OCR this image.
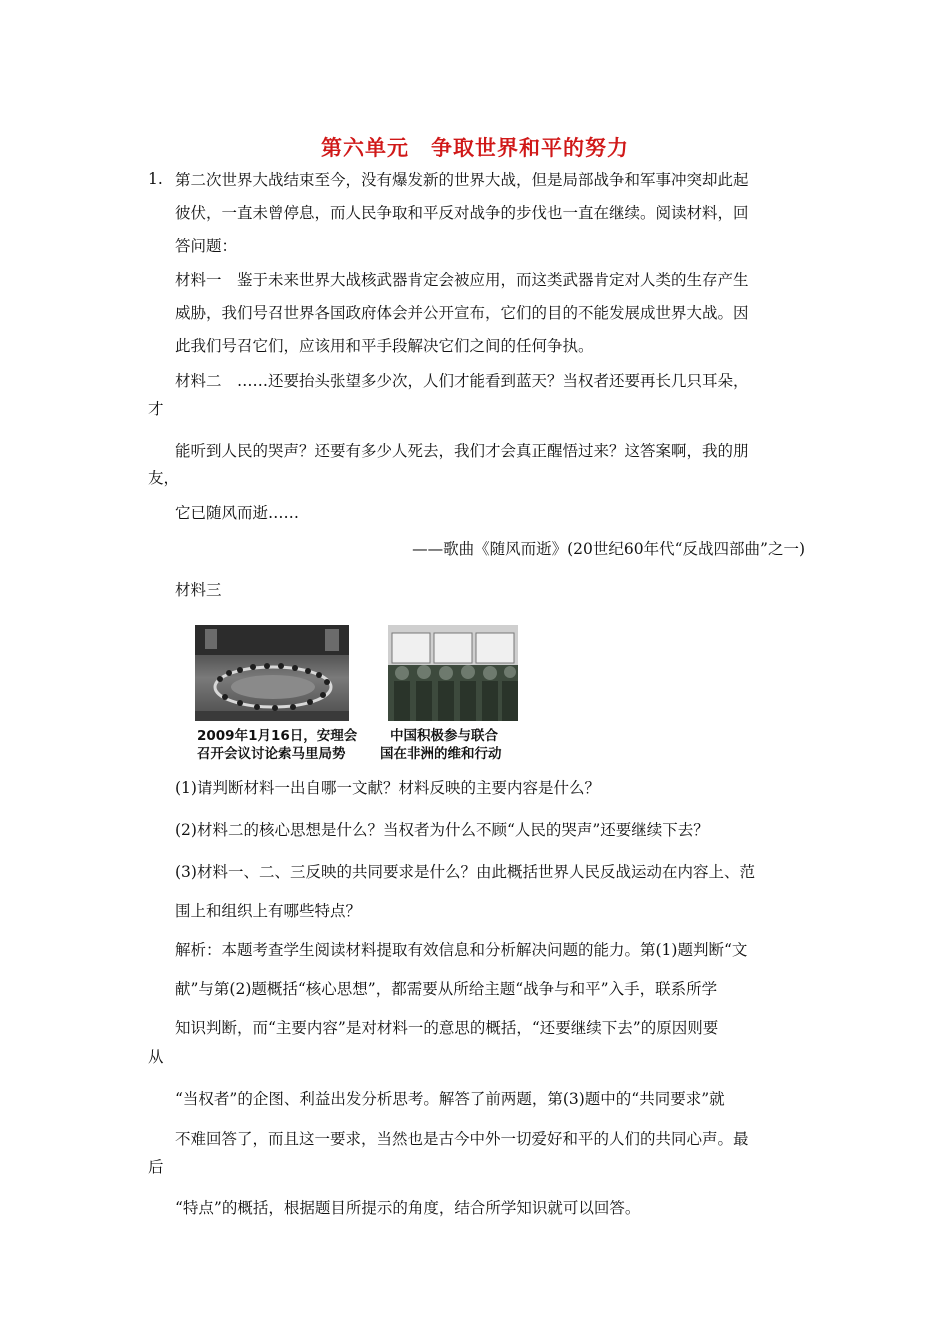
第六单元　争取世界和平的努力
1. 第二次世界大战结束至今，没有爆发新的世界大战，但是局部战争和军事冲突却此起
彼伏，一直未曾停息，而人民争取和平反对战争的步伐也一直在继续。阅读材料，回
答问题：
材料一　鉴于未来世界大战核武器肯定会被应用，而这类武器肯定对人类的生存产生
威胁，我们号召世界各国政府体会并公开宣布，它们的目的不能发展成世界大战。因
此我们号召它们，应该用和平手段解决它们之间的任何争执。
材料二　……还要抬头张望多少次，人们才能看到蓝天？当权者还要再长几只耳朵，
才
能听到人民的哭声？还要有多少人死去，我们才会真正醒悟过来？这答案啊，我的朋
友，
它已随风而逝……
——歌曲《随风而逝》(20世纪60年代“反战四部曲”之一)
材料三
2009年1月16日，安理会
召开会议讨论索马里局势
中国积极参与联合
国在非洲的维和行动
(1)请判断材料一出自哪一文献？材料反映的主要内容是什么？
(2)材料二的核心思想是什么？当权者为什么不顾“人民的哭声”还要继续下去？
(3)材料一、二、三反映的共同要求是什么？由此概括世界人民反战运动在内容上、范
围上和组织上有哪些特点？
解析：本题考查学生阅读材料提取有效信息和分析解决问题的能力。第(1)题判断“文
献”与第(2)题概括“核心思想”，都需要从所给主题“战争与和平”入手，联系所学
知识判断，而“主要内容”是对材料一的意思的概括，“还要继续下去”的原因则要
从
“当权者”的企图、利益出发分析思考。解答了前两题，第(3)题中的“共同要求”就
不难回答了，而且这一要求，当然也是古今中外一切爱好和平的人们的共同心声。最
后
“特点”的概括，根据题目所提示的角度，结合所学知识就可以回答。
